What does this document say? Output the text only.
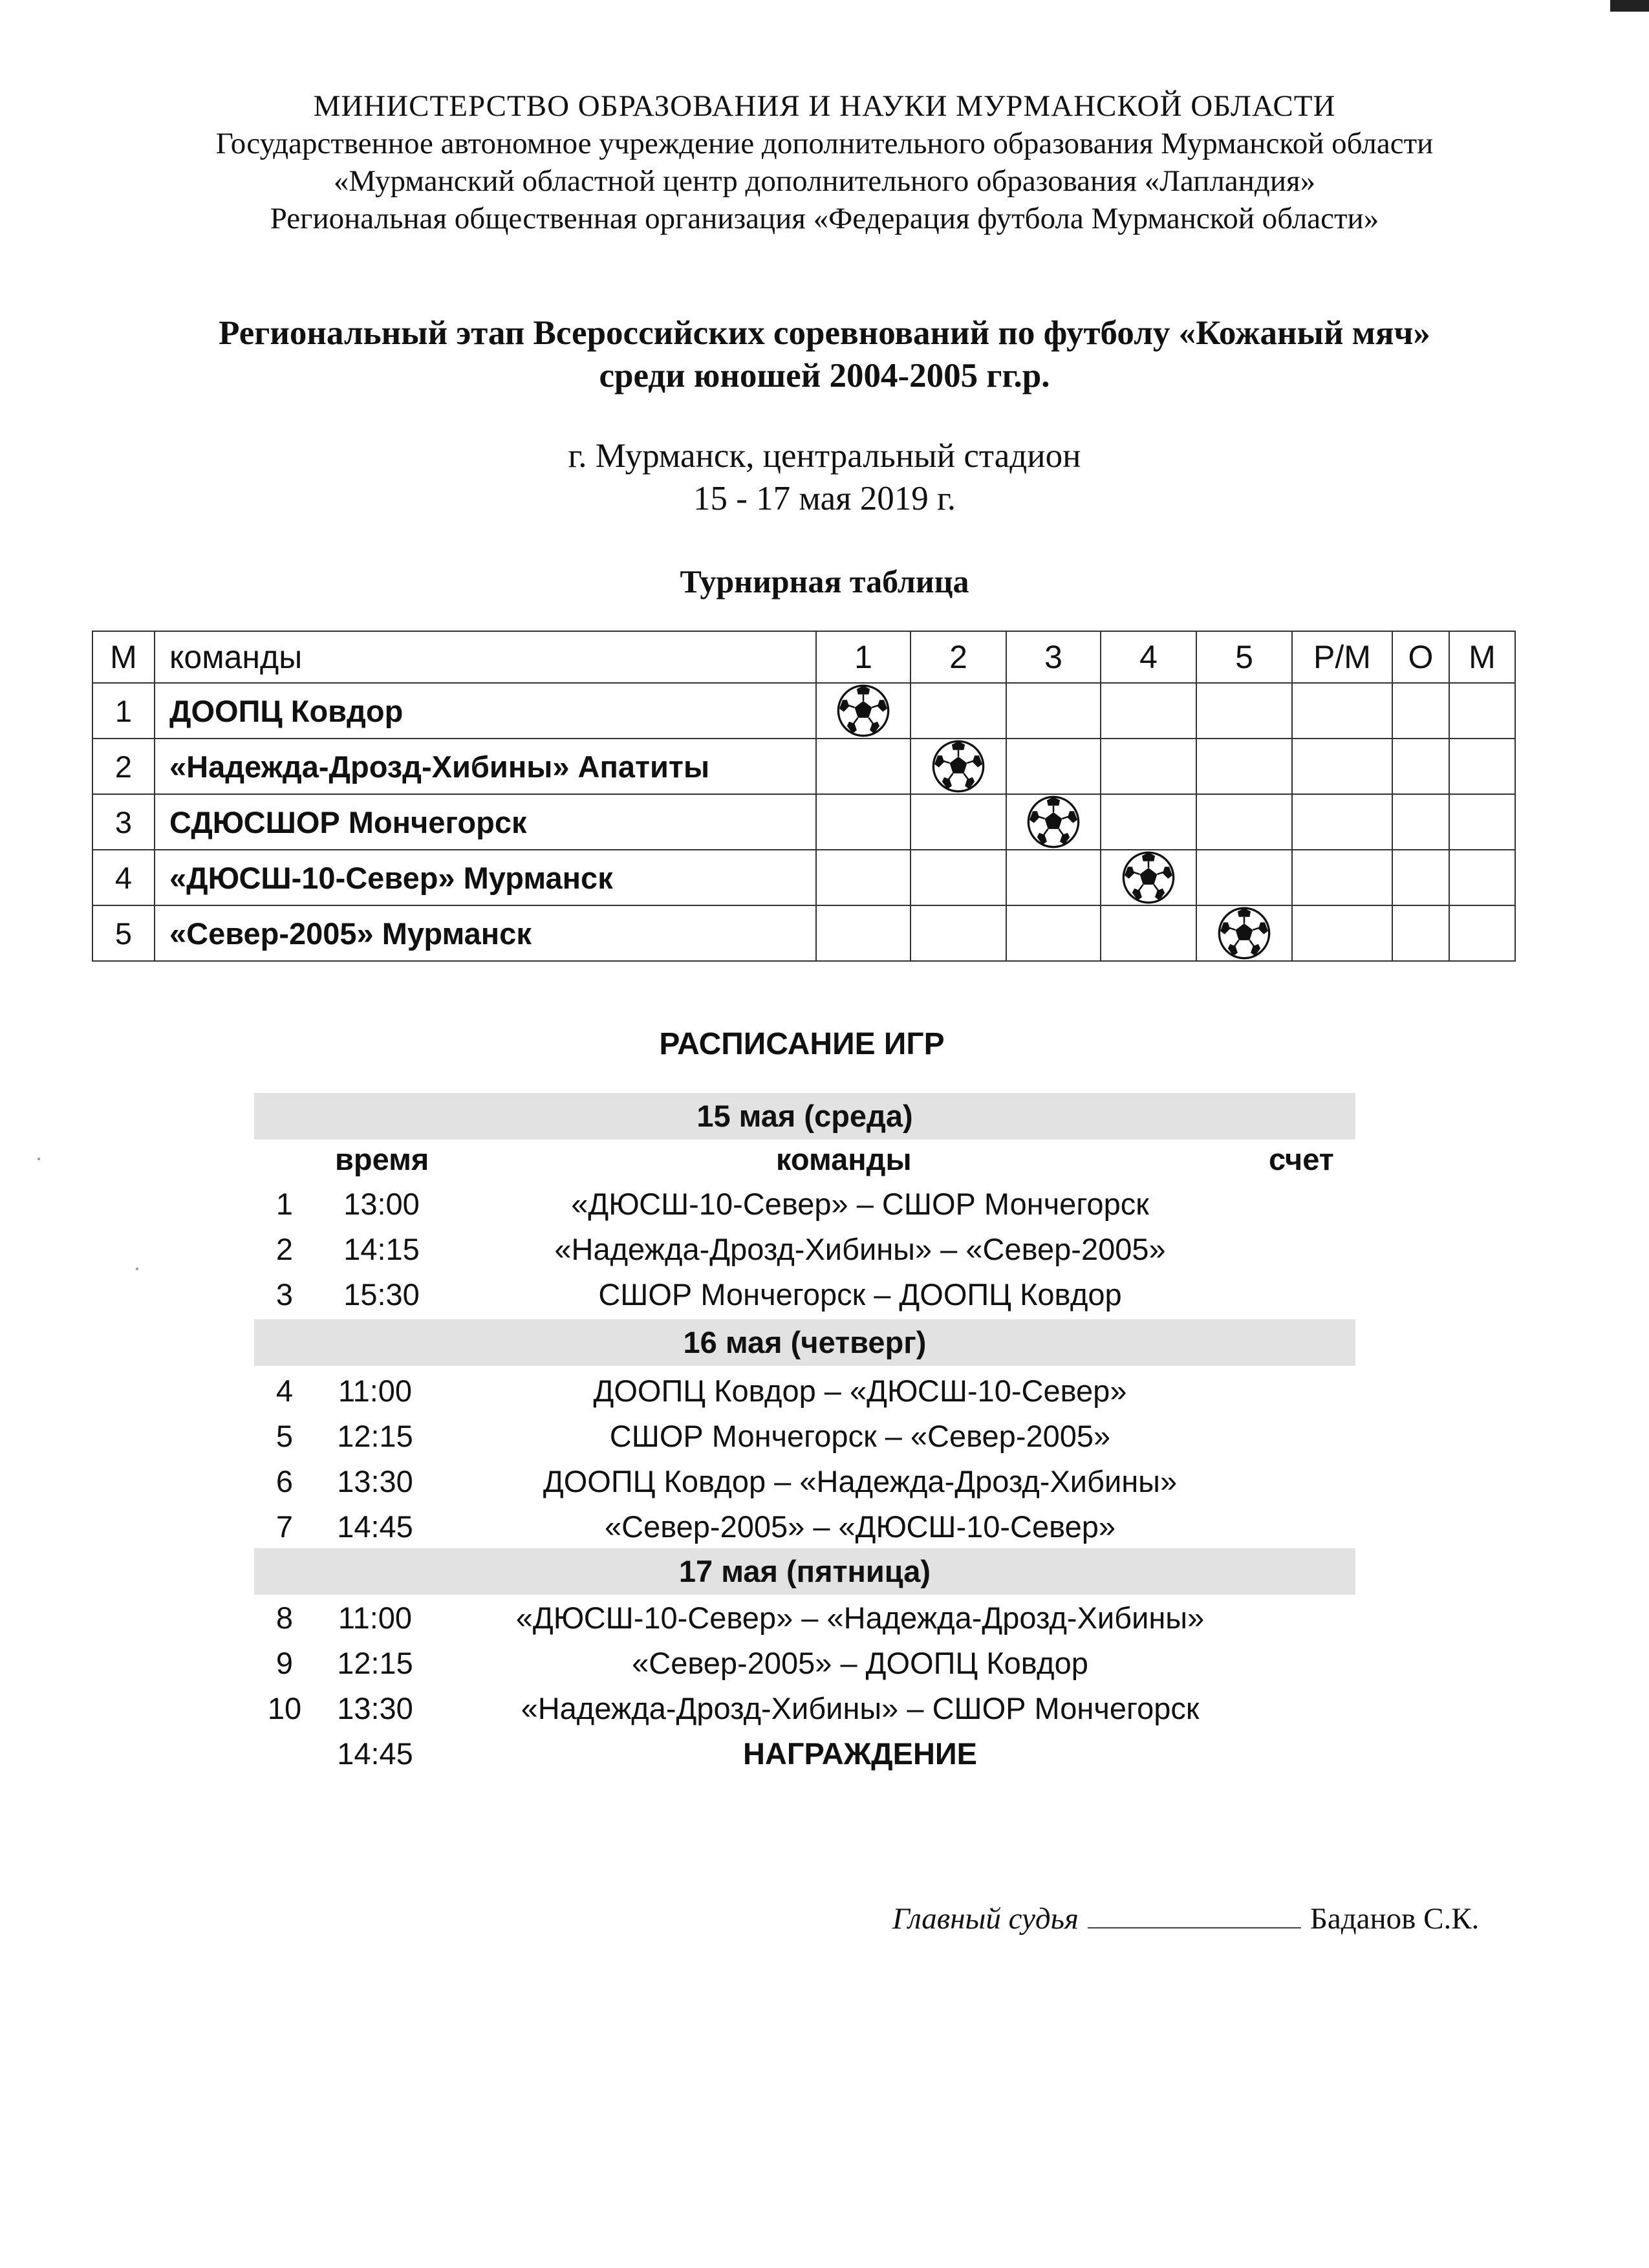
МИНИСТЕРСТВО ОБРАЗОВАНИЯ И НАУКИ МУРМАНСКОЙ ОБЛАСТИ
Государственное автономное учреждение дополнительного образования Мурманской области
«Мурманский областной центр дополнительного образования «Лапландия»
Региональная общественная организация «Федерация футбола Мурманской области»
Региональный этап Всероссийских соревнований по футболу «Кожаный мяч»
среди юношей 2004-2005 гг.р.
г. Мурманск, центральный стадион
15 - 17 мая 2019 г.
Турнирная таблица
М	команды	1	2	3	4	5	Р/М	О	М
1	ДООПЦ Ковдор								
2	«Надежда-Дрозд-Хибины» Апатиты								
3	СДЮСШОР Мончегорск								
4	«ДЮСШ-10-Север» Мурманск								
5	«Север-2005» Мурманск								
РАСПИСАНИЕ ИГР
15 мая (среда)
время	команды	счет
1	13:00	«ДЮСШ-10-Север» – СШОР Мончегорск
2	14:15	«Надежда-Дрозд-Хибины» – «Север-2005»
3	15:30	СШОР Мончегорск – ДООПЦ Ковдор
16 мая (четверг)
4	11:00	ДООПЦ Ковдор – «ДЮСШ-10-Север»
5	12:15	СШОР Мончегорск – «Север-2005»
6	13:30	ДООПЦ Ковдор – «Надежда-Дрозд-Хибины»
7	14:45	«Север-2005» – «ДЮСШ-10-Север»
17 мая (пятница)
8	11:00	«ДЮСШ-10-Север» – «Надежда-Дрозд-Хибины»
9	12:15	«Север-2005» – ДООПЦ Ковдор
10	13:30	«Надежда-Дрозд-Хибины» – СШОР Мончегорск
14:45	НАГРАЖДЕНИЕ
Главный судья	Баданов С.К.
